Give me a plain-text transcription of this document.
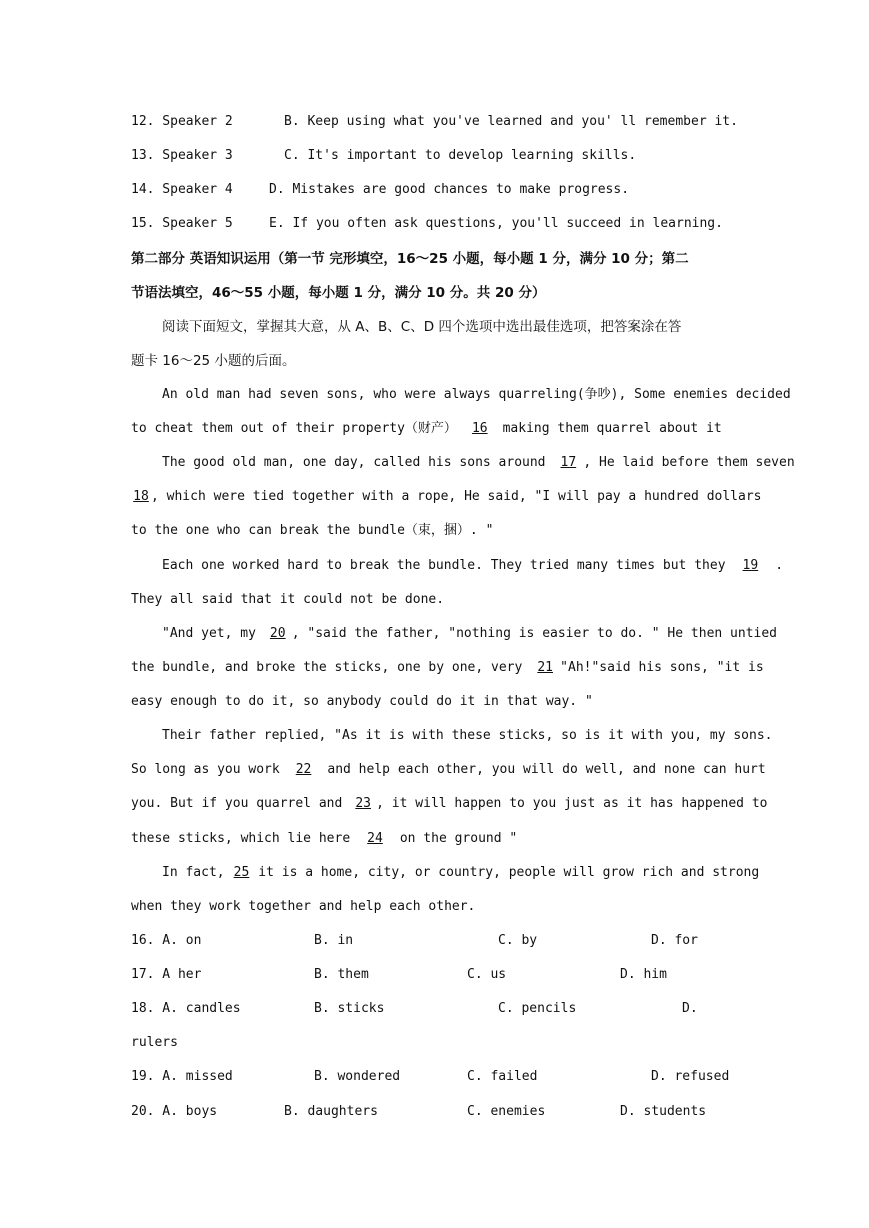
12. Speaker 2	B. Keep using what you've learned and you' ll remember it.
13. Speaker 3	C. It's important to develop learning skills.
14. Speaker 4	D. Mistakes are good chances to make progress.
15. Speaker 5	E. If you often ask questions, you'll succeed in learning.
第二部分 英语知识运用（第一节 完形填空，16～25 小题，每小题 1 分，满分 10 分；第二
节语法填空，46～55 小题，每小题 1 分，满分 10 分。共 20 分）
阅读下面短文，掌握其大意，从 A、B、C、D 四个选项中选出最佳选项，把答案涂在答
题卡 16～25 小题的后面。
An old man had seven sons, who were always quarreling(争吵), Some enemies decided
to cheat them out of their property（财产） 16 making them quarrel about it
The good old man, one day, called his sons around 17 , He laid before them seven
18 , which were tied together with a rope, He said, "I will pay a hundred dollars
to the one who can break the bundle（束，捆）. "
Each one worked hard to break the bundle. They tried many times but they 19 .
They all said that it could not be done.
"And yet, my 20 , "said the father, "nothing is easier to do. " He then untied
the bundle, and broke the sticks, one by one, very 21 "Ah!"said his sons, "it is
easy enough to do it, so anybody could do it in that way. "
Their father replied, "As it is with these sticks, so is it with you, my sons.
So long as you work 22 and help each other, you will do well, and none can hurt
you. But if you quarrel and 23 , it will happen to you just as it has happened to
these sticks, which lie here 24 on the ground "
In fact, 25 it is a home, city, or country, people will grow rich and strong
when they work together and help each other.
16. A. on	B. in	C. by	D. for
17. A her	B. them	C. us	D. him
18. A. candles	B. sticks	C. pencils	D.
rulers
19. A. missed	B. wondered	C. failed	D. refused
20. A. boys	B. daughters	C. enemies	D. students
